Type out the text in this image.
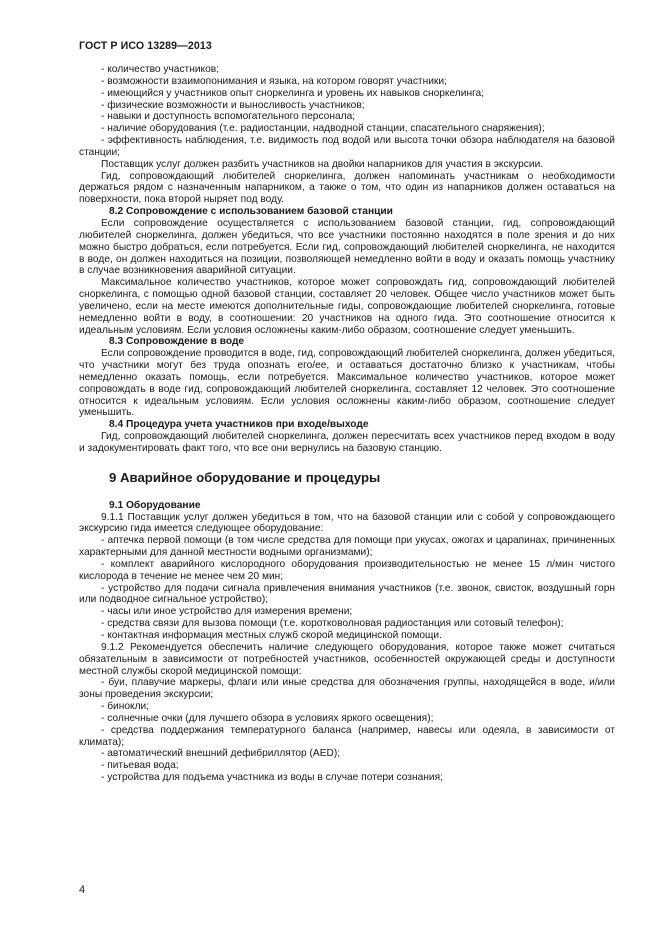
ГОСТ Р ИСО 13289—2013

- количество участников;

- возможности взаимопонимания и языка, на котором говорят участники;

- имеющийся у участников опыт сноркелинга и уровень их навыков сноркелинга;

- физические возможности и выносливость участников;

- навыки и доступность вспомогательного персонала;

- наличие оборудования (т.е. радиостанции, надводной станции, спасательного снаряжения);

- эффективность наблюдения, т.е. видимость под водой или высота точки обзора наблюдателя на базовой станции;

Поставщик услуг должен разбить участников на двойки напарников для участия в экскурсии.

Гид, сопровождающий любителей сноркелинга, должен напоминать участникам о необходимости держаться рядом с назначенным напарником, а также о том, что один из напарников должен оставаться на поверхности, пока второй ныряет под воду.

8.2 Сопровождение с использованием базовой станции

Если сопровождение осуществляется с использованием базовой станции, гид, сопровождающий любителей сноркелинга, должен убедиться, что все участники постоянно находятся в поле зрения и до них можно быстро добраться, если потребуется. Если гид, сопровождающий любителей сноркелинга, не находится в воде, он должен находиться на позиции, позволяющей немедленно войти в воду и оказать помощь участнику в случае возникновения аварийной ситуации.

Максимальное количество участников, которое может сопровождать гид, сопровождающий любителей сноркелинга, с помощью одной базовой станции, составляет 20 человек. Общее число участников может быть увеличено, если на месте имеются дополнительные гиды, сопровождающие любителей сноркелинга, готовые немедленно войти в воду, в соотношении: 20 участников на одного гида. Это соотношение относится к идеальным условиям. Если условия осложнены каким-либо образом, соотношение следует уменьшить.

8.3 Сопровождение в воде

Если сопровождение проводится в воде, гид, сопровождающий любителей сноркелинга, должен убедиться, что участники могут без труда опознать его/ее, и оставаться достаточно близко к участникам, чтобы немедленно оказать помощь, если потребуется. Максимальное количество участников, которое может сопровождать в воде гид, сопровождающий любителей сноркелинга, составляет 12 человек. Это соотношение относится к идеальным условиям. Если условия осложнены каким-либо образом, соотношение следует уменьшить.

8.4 Процедура учета участников при входе/выходе

Гид, сопровождающий любителей сноркелинга, должен пересчитать всех участников перед входом в воду и задокументировать факт того, что все они вернулись на базовую станцию.

9 Аварийное оборудование и процедуры

9.1 Оборудование

9.1.1 Поставщик услуг должен убедиться в том, что на базовой станции или с собой у сопровождающего экскурсию гида имеется следующее оборудование:

- аптечка первой помощи (в том числе средства для помощи при укусах, ожогах и царапинах, причиненных характерными для данной местности водными организмами);

- комплект аварийного кислородного оборудования производительностью не менее 15 л/мин чистого кислорода в течение не менее чем 20 мин;

- устройство для подачи сигнала привлечения внимания участников (т.е. звонок, свисток, воздушный горн или подводное сигнальное устройство);

- часы или иное устройство для измерения времени;

- средства связи для вызова помощи (т.е. коротковолновая радиостанция или сотовый телефон);

- контактная информация местных служб скорой медицинской помощи.

9.1.2 Рекомендуется обеспечить наличие следующего оборудования, которое также может считаться обязательным в зависимости от потребностей участников, особенностей окружающей среды и доступности местной службы скорой медицинской помощи:

- буи, плавучие маркеры, флаги или иные средства для обозначения группы, находящейся в воде, и/или зоны проведения экскурсии;

- бинокли;

- солнечные очки (для лучшего обзора в условиях яркого освещения);

- средства поддержания температурного баланса (например, навесы или одеяла, в зависимости от климата);

- автоматический внешний дефибриллятор (AED);

- питьевая вода;

- устройства для подъема участника из воды в случае потери сознания;

4
